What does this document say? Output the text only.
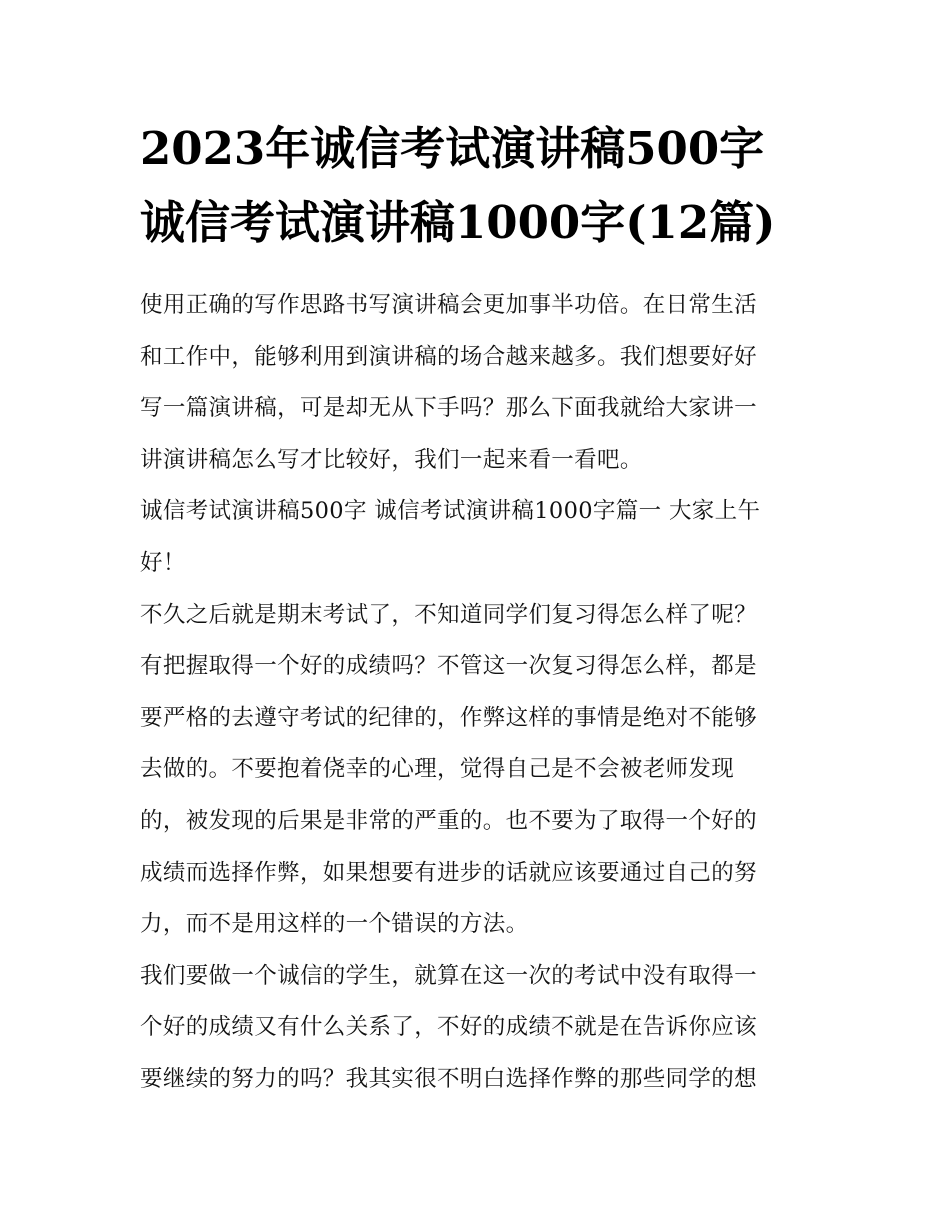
2023年诚信考试演讲稿500字
诚信考试演讲稿1000字(12篇)
使用正确的写作思路书写演讲稿会更加事半功倍。在日常生活
和工作中，能够利用到演讲稿的场合越来越多。我们想要好好
写一篇演讲稿，可是却无从下手吗？那么下面我就给大家讲一
讲演讲稿怎么写才比较好，我们一起来看一看吧。
诚信考试演讲稿500字 诚信考试演讲稿1000字篇一 大家上午
好！
不久之后就是期末考试了，不知道同学们复习得怎么样了呢？
有把握取得一个好的成绩吗？不管这一次复习得怎么样，都是
要严格的去遵守考试的纪律的，作弊这样的事情是绝对不能够
去做的。不要抱着侥幸的心理，觉得自己是不会被老师发现
的，被发现的后果是非常的严重的。也不要为了取得一个好的
成绩而选择作弊，如果想要有进步的话就应该要通过自己的努
力，而不是用这样的一个错误的方法。
我们要做一个诚信的学生，就算在这一次的考试中没有取得一
个好的成绩又有什么关系了，不好的成绩不就是在告诉你应该
要继续的努力的吗？我其实很不明白选择作弊的那些同学的想
